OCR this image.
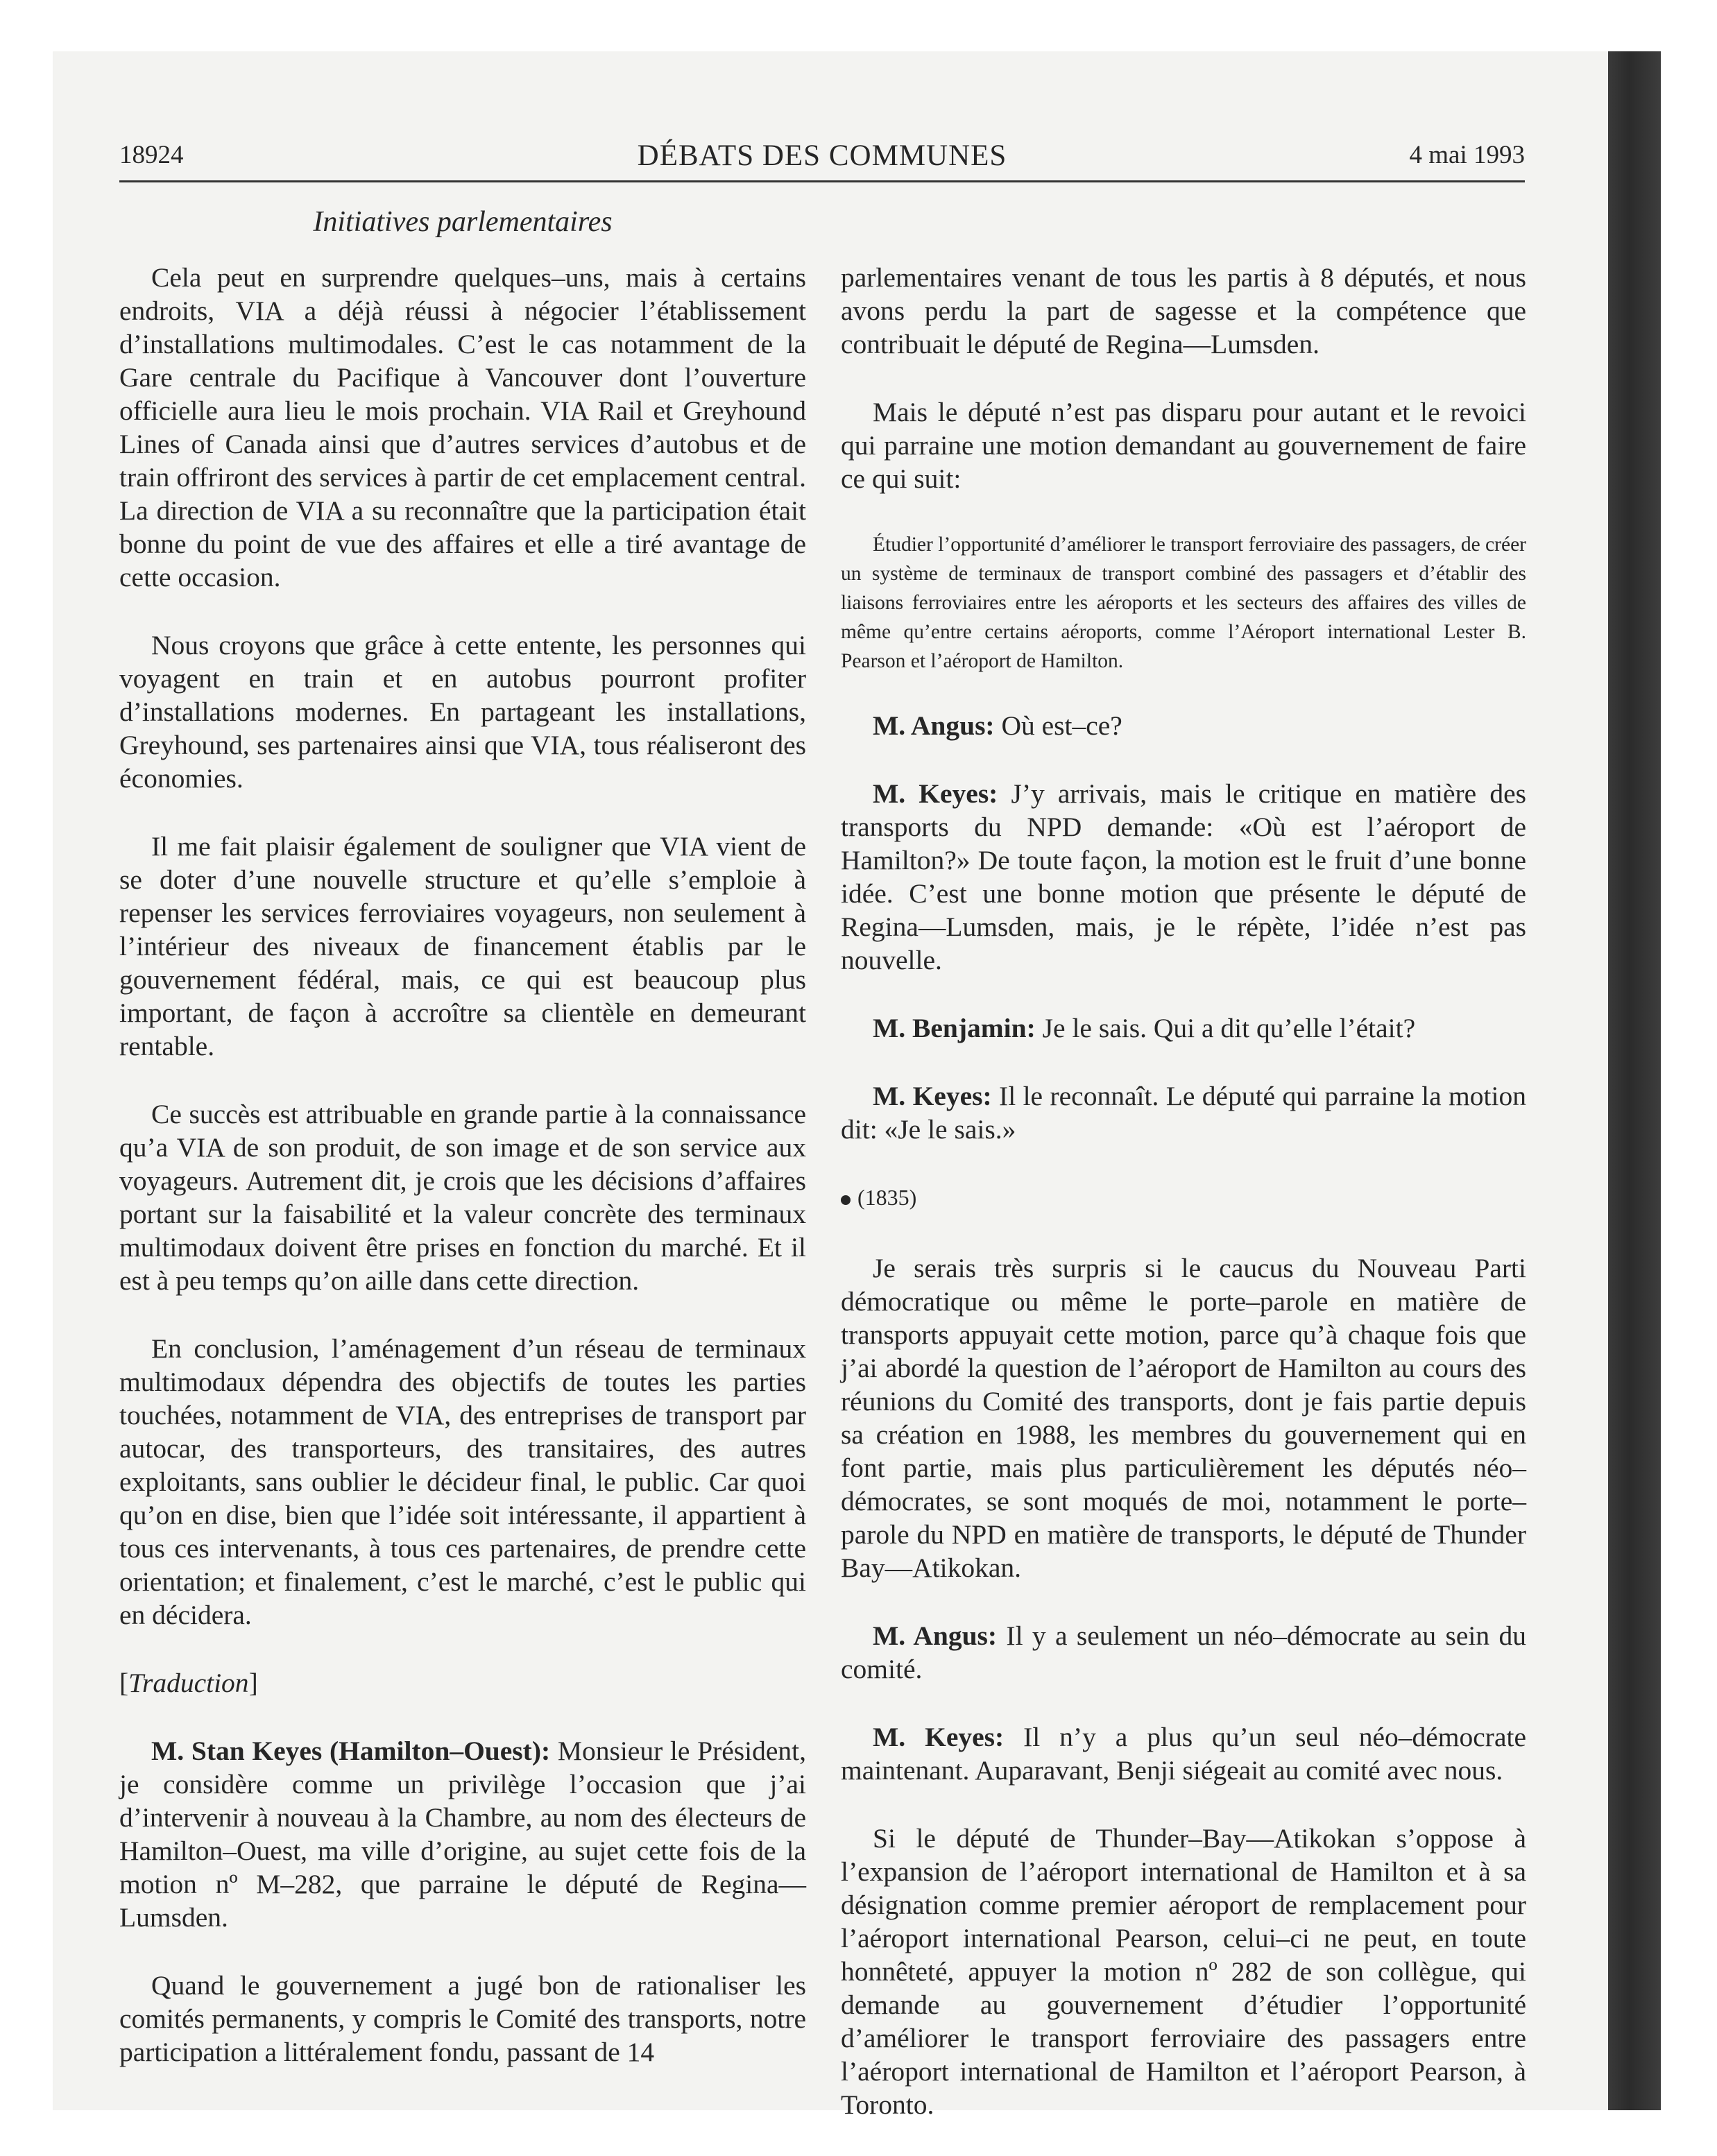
18924	DÉBATS DES COMMUNES	4 mai 1993
Initiatives parlementaires

Cela peut en surprendre quelques–uns, mais à certains endroits, VIA a déjà réussi à négocier l’établissement d’installations multimodales. C’est le cas notamment de la Gare centrale du Pacifique à Vancouver dont l’ouverture officielle aura lieu le mois prochain. VIA Rail et Greyhound Lines of Canada ainsi que d’autres services d’autobus et de train offriront des services à partir de cet emplacement central. La direction de VIA a su reconnaître que la participation était bonne du point de vue des affaires et elle a tiré avantage de cette occasion.

Nous croyons que grâce à cette entente, les personnes qui voyagent en train et en autobus pourront profiter d’installations modernes. En partageant les installations, Greyhound, ses partenaires ainsi que VIA, tous réaliseront des économies.

Il me fait plaisir également de souligner que VIA vient de se doter d’une nouvelle structure et qu’elle s’emploie à repenser les services ferroviaires voyageurs, non seulement à l’intérieur des niveaux de financement établis par le gouvernement fédéral, mais, ce qui est beaucoup plus important, de façon à accroître sa clientèle en demeurant rentable.

Ce succès est attribuable en grande partie à la connaissance qu’a VIA de son produit, de son image et de son service aux voyageurs. Autrement dit, je crois que les décisions d’affaires portant sur la faisabilité et la valeur concrète des terminaux multimodaux doivent être prises en fonction du marché. Et il est à peu temps qu’on aille dans cette direction.

En conclusion, l’aménagement d’un réseau de terminaux multimodaux dépendra des objectifs de toutes les parties touchées, notamment de VIA, des entreprises de transport par autocar, des transporteurs, des transitaires, des autres exploitants, sans oublier le décideur final, le public. Car quoi qu’on en dise, bien que l’idée soit intéressante, il appartient à tous ces intervenants, à tous ces partenaires, de prendre cette orientation; et finalement, c’est le marché, c’est le public qui en décidera.

[Traduction]

M. Stan Keyes (Hamilton–Ouest): Monsieur le Président, je considère comme un privilège l’occasion que j’ai d’intervenir à nouveau à la Chambre, au nom des électeurs de Hamilton–Ouest, ma ville d’origine, au sujet cette fois de la motion nº M–282, que parraine le député de Regina—Lumsden.

Quand le gouvernement a jugé bon de rationaliser les comités permanents, y compris le Comité des transports, notre participation a littéralement fondu, passant de 14

parlementaires venant de tous les partis à 8 députés, et nous avons perdu la part de sagesse et la compétence que contribuait le député de Regina—Lumsden.

Mais le député n’est pas disparu pour autant et le revoici qui parraine une motion demandant au gouvernement de faire ce qui suit:

Étudier l’opportunité d’améliorer le transport ferroviaire des passagers, de créer un système de terminaux de transport combiné des passagers et d’établir des liaisons ferroviaires entre les aéroports et les secteurs des affaires des villes de même qu’entre certains aéroports, comme l’Aéroport international Lester B. Pearson et l’aéroport de Hamilton.

M. Angus: Où est–ce?

M. Keyes: J’y arrivais, mais le critique en matière des transports du NPD demande: «Où est l’aéroport de Hamilton?» De toute façon, la motion est le fruit d’une bonne idée. C’est une bonne motion que présente le député de Regina—Lumsden, mais, je le répète, l’idée n’est pas nouvelle.

M. Benjamin: Je le sais. Qui a dit qu’elle l’était?

M. Keyes: Il le reconnaît. Le député qui parraine la motion dit: «Je le sais.»

(1835)

Je serais très surpris si le caucus du Nouveau Parti démocratique ou même le porte–parole en matière de transports appuyait cette motion, parce qu’à chaque fois que j’ai abordé la question de l’aéroport de Hamilton au cours des réunions du Comité des transports, dont je fais partie depuis sa création en 1988, les membres du gouvernement qui en font partie, mais plus particulièrement les députés néo–démocrates, se sont moqués de moi, notamment le porte–parole du NPD en matière de transports, le député de Thunder Bay—Atikokan.

M. Angus: Il y a seulement un néo–démocrate au sein du comité.

M. Keyes: Il n’y a plus qu’un seul néo–démocrate maintenant. Auparavant, Benji siégeait au comité avec nous.

Si le député de Thunder–Bay—Atikokan s’oppose à l’expansion de l’aéroport international de Hamilton et à sa désignation comme premier aéroport de remplacement pour l’aéroport international Pearson, celui–ci ne peut, en toute honnêteté, appuyer la motion nº 282 de son collègue, qui demande au gouvernement d’étudier l’opportunité d’améliorer le transport ferroviaire des passagers entre l’aéroport international de Hamilton et l’aéroport Pearson, à Toronto.
